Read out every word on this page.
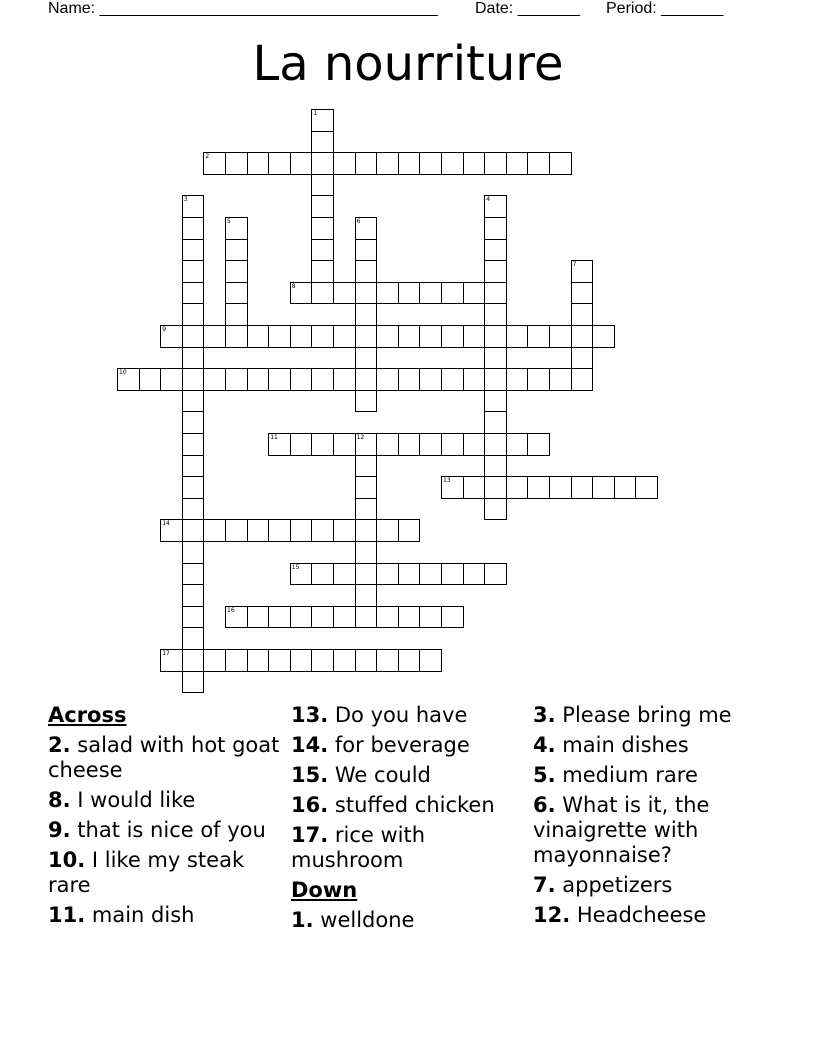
Name: ______________________________________ Date: _______ Period: _______
La nourriture
2
8
9
10
11	12
13
14
15
16
17
1
3	4
5	6
7
Across
2. salad with hot goat cheese
8. I would like
9. that is nice of you
10. I like my steak rare
11. main dish
13. Do you have
14. for beverage
15. We could
16. stuffed chicken
17. rice with mushroom
Down
1. welldone
3. Please bring me
4. main dishes
5. medium rare
6. What is it, the vinaigrette with mayonnaise?
7. appetizers
12. Headcheese
